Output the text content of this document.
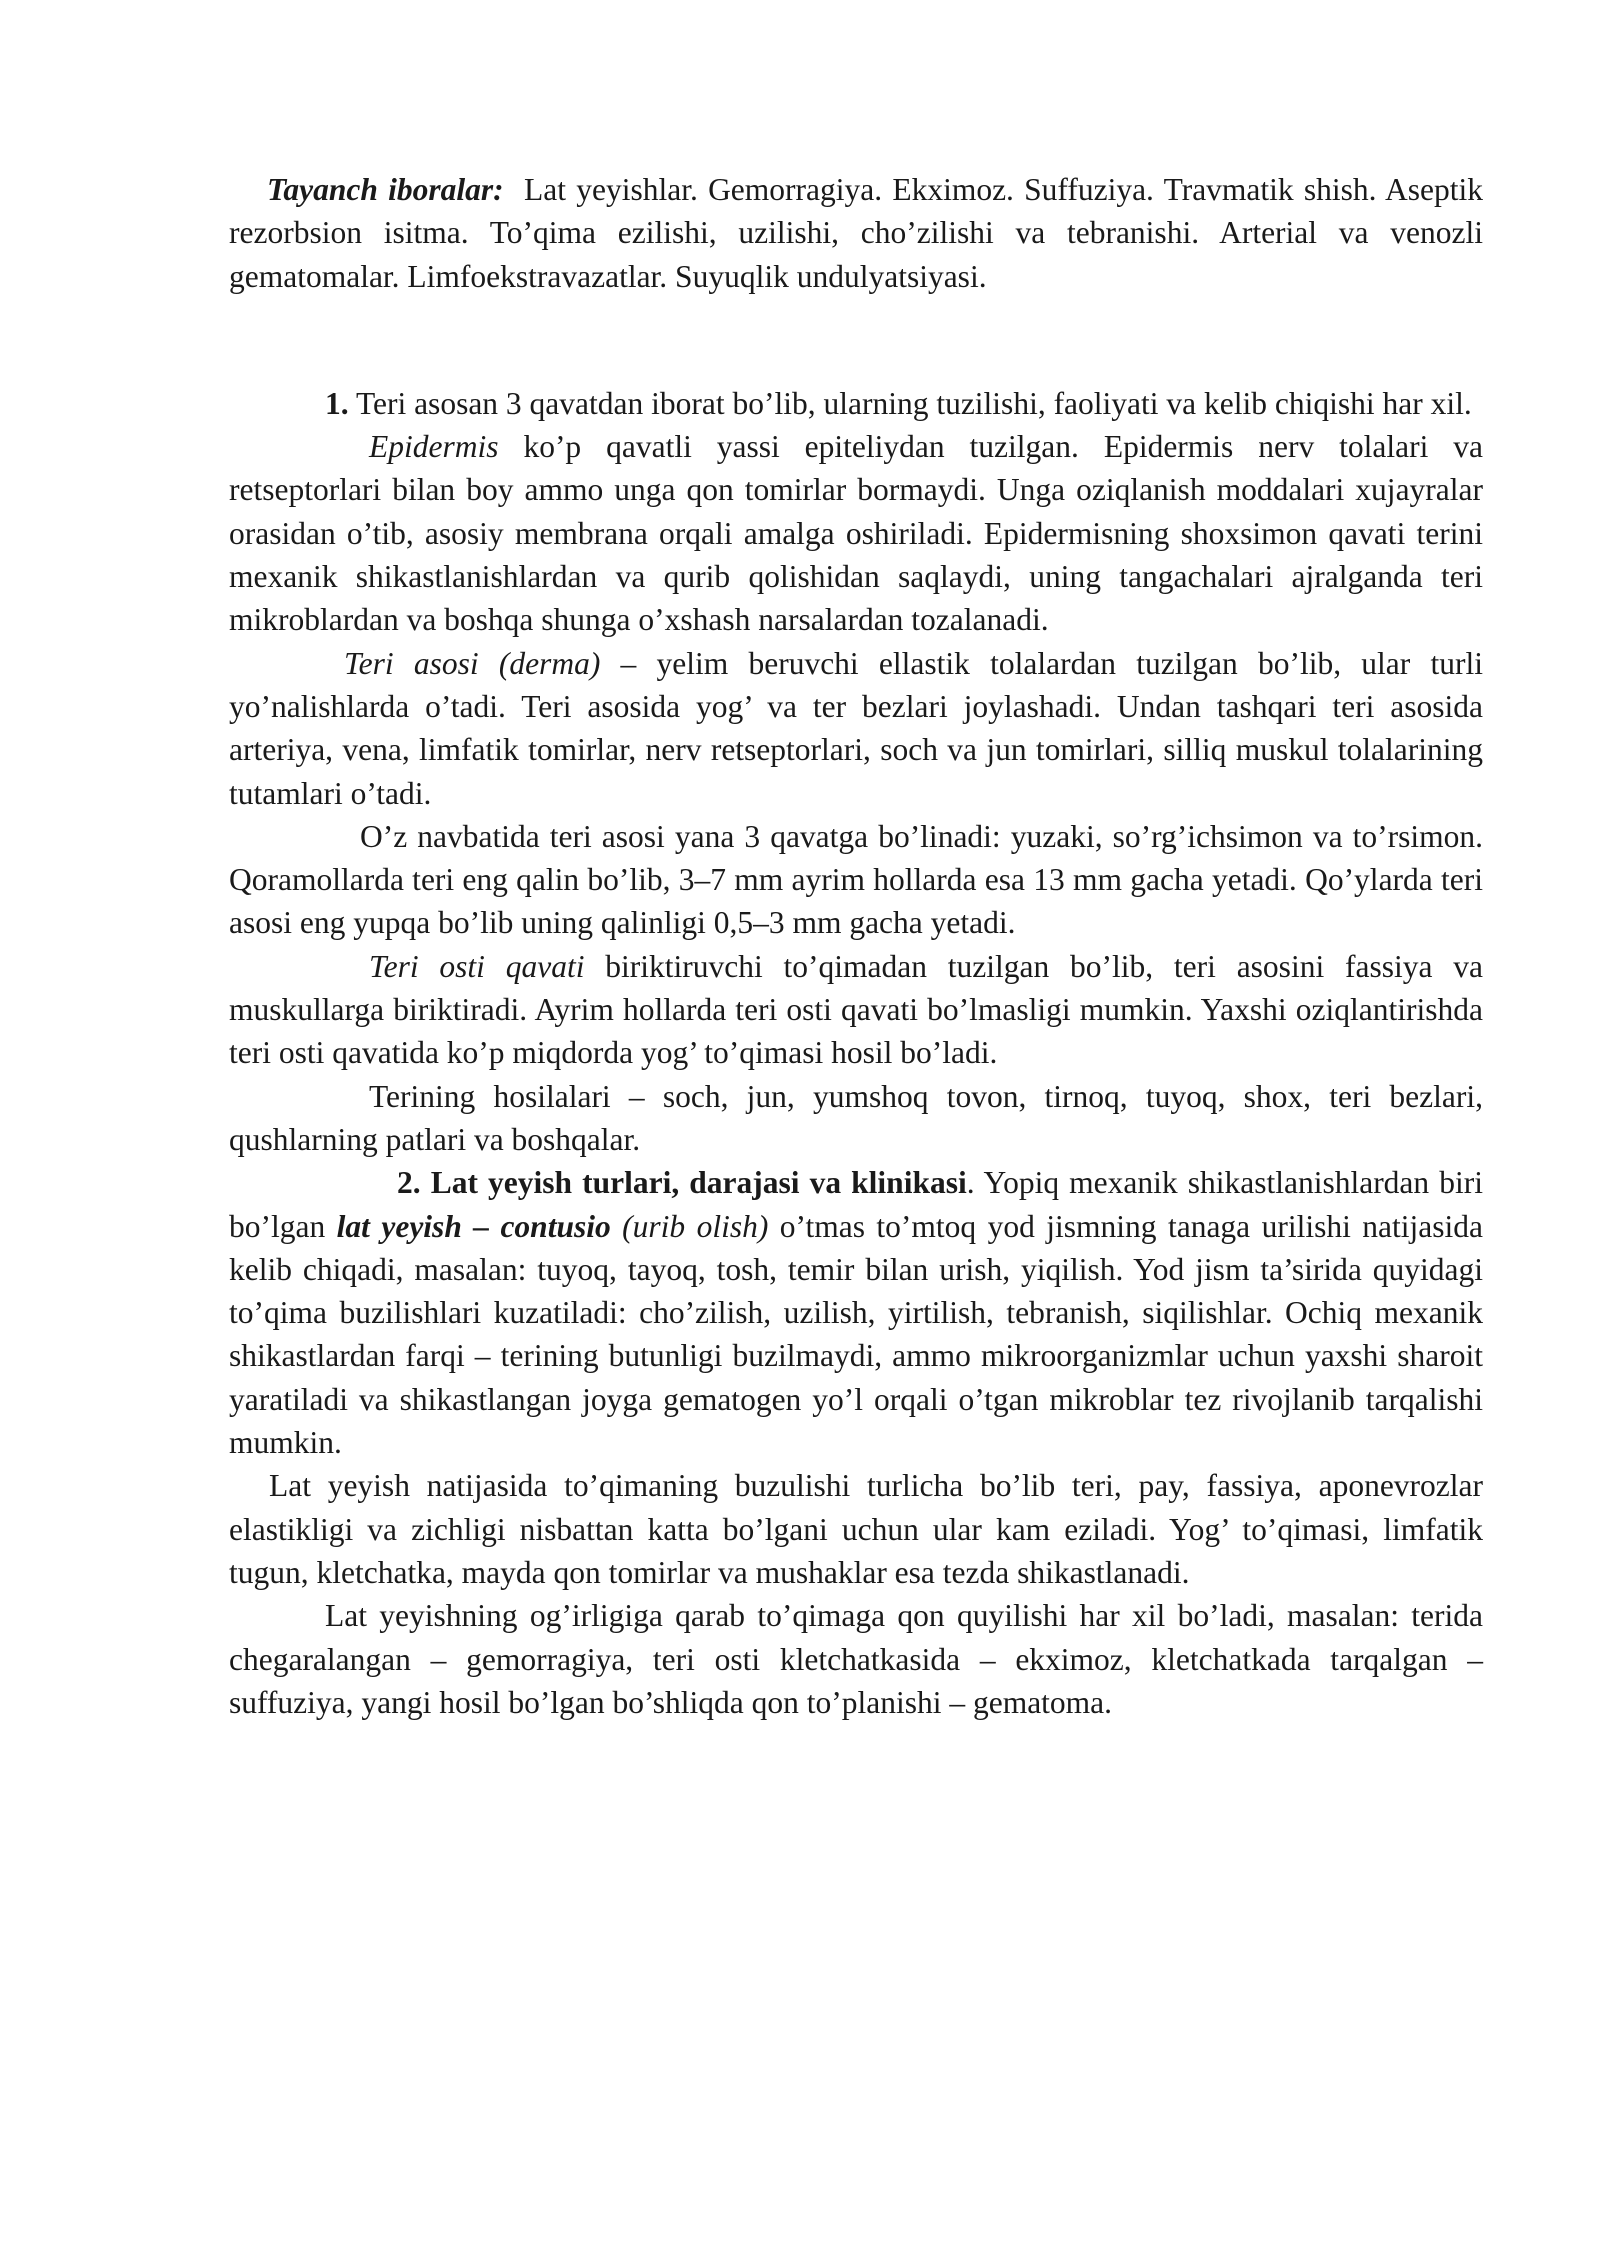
Tayanch iboralar: Lat yeyishlar. Gemorragiya. Ekximoz. Suffuziya. Travmatik shish. Aseptik rezorbsion isitma. To’qima ezilishi, uzilishi, cho’zilishi va tebranishi. Arterial va venozli gematomalar. Limfoekstravazatlar. Suyuqlik undulyatsiyasi.

1. Teri asosan 3 qavatdan iborat bo’lib, ularning tuzilishi, faoliyati va kelib chiqishi har xil.

Epidermis ko’p qavatli yassi epiteliydan tuzilgan. Epidermis nerv tolalari va retseptorlari bilan boy ammo unga qon tomirlar bormaydi. Unga oziqlanish moddalari xujayralar orasidan o’tib, asosiy membrana orqali amalga oshiriladi. Epidermisning shoxsimon qavati terini mexanik shikastlanishlardan va qurib qolishidan saqlaydi, uning tangachalari ajralganda teri mikroblardan va boshqa shunga o’xshash narsalardan tozalanadi.

Teri asosi (derma) – yelim beruvchi ellastik tolalardan tuzilgan bo’lib, ular turli yo’nalishlarda o’tadi. Teri asosida yog’ va ter bezlari joylashadi. Undan tashqari teri asosida arteriya, vena, limfatik tomirlar, nerv retseptorlari, soch va jun tomirlari, silliq muskul tolalarining tutamlari o’tadi.

O’z navbatida teri asosi yana 3 qavatga bo’linadi: yuzaki, so’rg’ichsimon va to’rsimon. Qoramollarda teri eng qalin bo’lib, 3–7 mm ayrim hollarda esa 13 mm gacha yetadi. Qo’ylarda teri asosi eng yupqa bo’lib uning qalinligi 0,5–3 mm gacha yetadi.

Teri osti qavati biriktiruvchi to’qimadan tuzilgan bo’lib, teri asosini fassiya va muskullarga biriktiradi. Ayrim hollarda teri osti qavati bo’lmasligi mumkin. Yaxshi oziqlantirishda teri osti qavatida ko’p miqdorda yog’ to’qimasi hosil bo’ladi.

Terining hosilalari – soch, jun, yumshoq tovon, tirnoq, tuyoq, shox, teri bezlari, qushlarning patlari va boshqalar.

2. Lat yeyish turlari, darajasi va klinikasi. Yopiq mexanik shikastlanishlardan biri bo’lgan lat yeyish – contusio (urib olish) o’tmas to’mtoq yod jismning tanaga urilishi natijasida kelib chiqadi, masalan: tuyoq, tayoq, tosh, temir bilan urish, yiqilish. Yod jism ta’sirida quyidagi to’qima buzilishlari kuzatiladi: cho’zilish, uzilish, yirtilish, tebranish, siqilishlar. Ochiq mexanik shikastlardan farqi – terining butunligi buzilmaydi, ammo mikroorganizmlar uchun yaxshi sharoit yaratiladi va shikastlangan joyga gematogen yo’l orqali o’tgan mikroblar tez rivojlanib tarqalishi mumkin.

Lat yeyish natijasida to’qimaning buzulishi turlicha bo’lib teri, pay, fassiya, aponevrozlar elastikligi va zichligi nisbattan katta bo’lgani uchun ular kam eziladi. Yog’ to’qimasi, limfatik tugun, kletchatka, mayda qon tomirlar va mushaklar esa tezda shikastlanadi.

Lat yeyishning og’irligiga qarab to’qimaga qon quyilishi har xil bo’ladi, masalan: terida chegaralangan – gemorragiya, teri osti kletchatkasida – ekximoz, kletchatkada tarqalgan – suffuziya, yangi hosil bo’lgan bo’shliqda qon to’planishi – gematoma.
